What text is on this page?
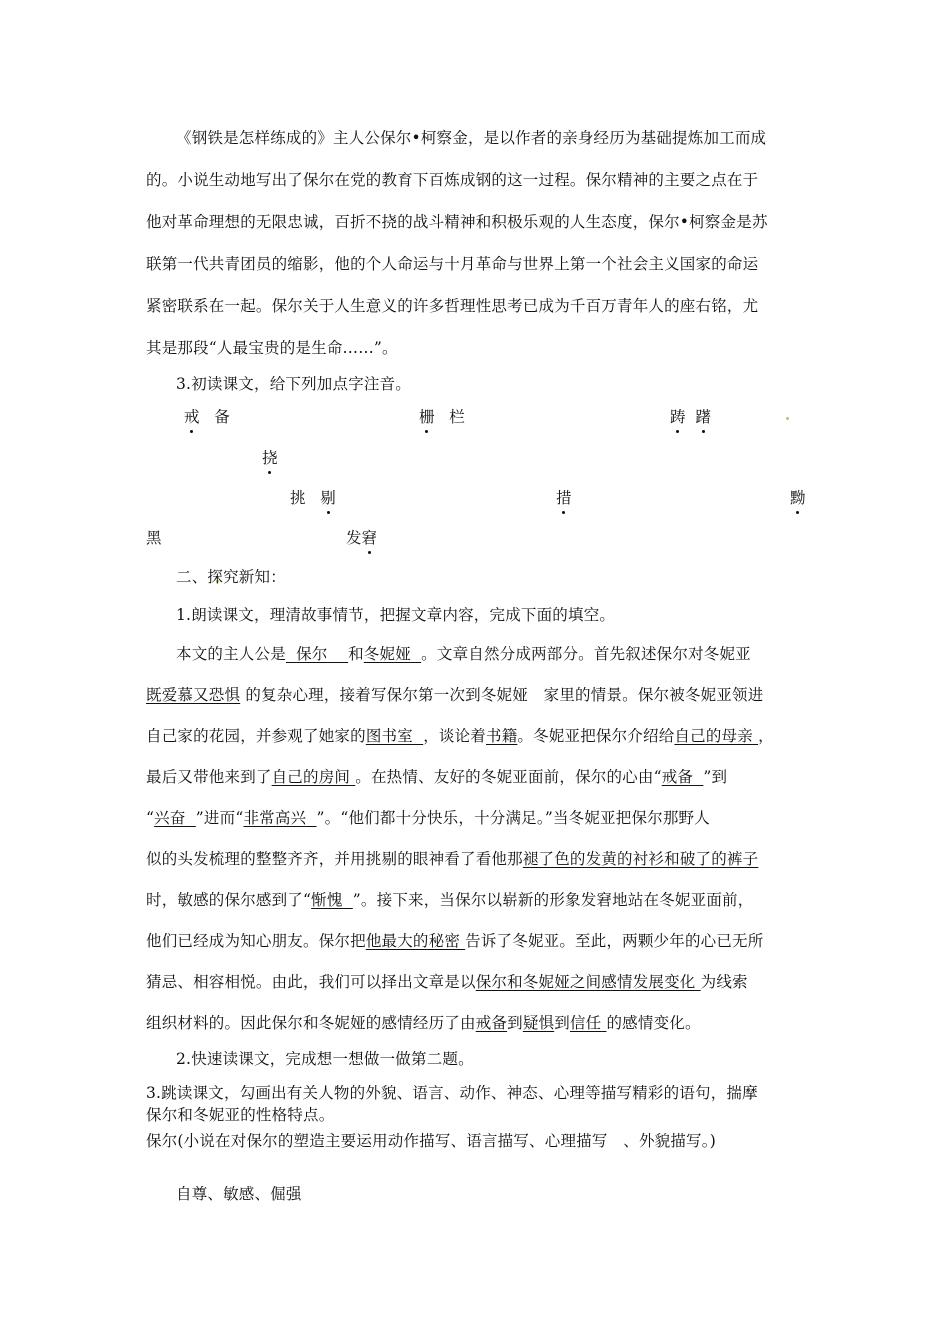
《钢铁是怎样练成的》主人公保尔•柯察金，是以作者的亲身经历为基础提炼加工而成
的。小说生动地写出了保尔在党的教育下百炼成钢的这一过程。保尔精神的主要之点在于
他对革命理想的无限忠诚，百折不挠的战斗精神和积极乐观的人生态度，保尔•柯察金是苏
联第一代共青团员的缩影，他的个人命运与十月革命与世界上第一个社会主义国家的命运
紧密联系在一起。保尔关于人生意义的许多哲理性思考已成为千百万青年人的座右铭，尤
其是那段“人最宝贵的是生命……”。
3.初读课文，给下列加点字注音。
戒 备	栅 栏	踌 躇
挠
挑 剔	措	黝
黑	发窘
二、探究新知：
1.朗读课文，理清故事情节，把握文章内容，完成下面的填空。
本文的主人公是 保尔 和冬妮娅 。文章自然分成两部分。首先叙述保尔对冬妮亚
既爱慕又恐惧 的复杂心理，接着写保尔第一次到冬妮娅　家里的情景。保尔被冬妮亚领进
自己家的花园，并参观了她家的图书室 ，谈论着书籍。冬妮亚把保尔介绍给自己的母亲 ，
最后又带他来到了自己的房间 。在热情、友好的冬妮亚面前，保尔的心由“戒备 ”到
“兴奋 ”进而“非常高兴 ”。“他们都十分快乐，十分满足。”当冬妮亚把保尔那野人
似的头发梳理的整整齐齐，并用挑剔的眼神看了看他那褪了色的发黄的衬衫和破了的裤子
时，敏感的保尔感到了“惭愧 ”。接下来，当保尔以崭新的形象发窘地站在冬妮亚面前，
他们已经成为知心朋友。保尔把他最大的秘密 告诉了冬妮亚。至此，两颗少年的心已无所
猜忌、相容相悦。由此，我们可以择出文章是以保尔和冬妮娅之间感情发展变化 为线索
组织材料的。因此保尔和冬妮娅的感情经历了由戒备到疑惧到信任 的感情变化。
2.快速读课文，完成想一想做一做第二题。
3.跳读课文，勾画出有关人物的外貌、语言、动作、神态、心理等描写精彩的语句，揣摩
保尔和冬妮亚的性格特点。
保尔(小说在对保尔的塑造主要运用动作描写、语言描写、心理描写　、外貌描写。)
自尊、敏感、倔强
